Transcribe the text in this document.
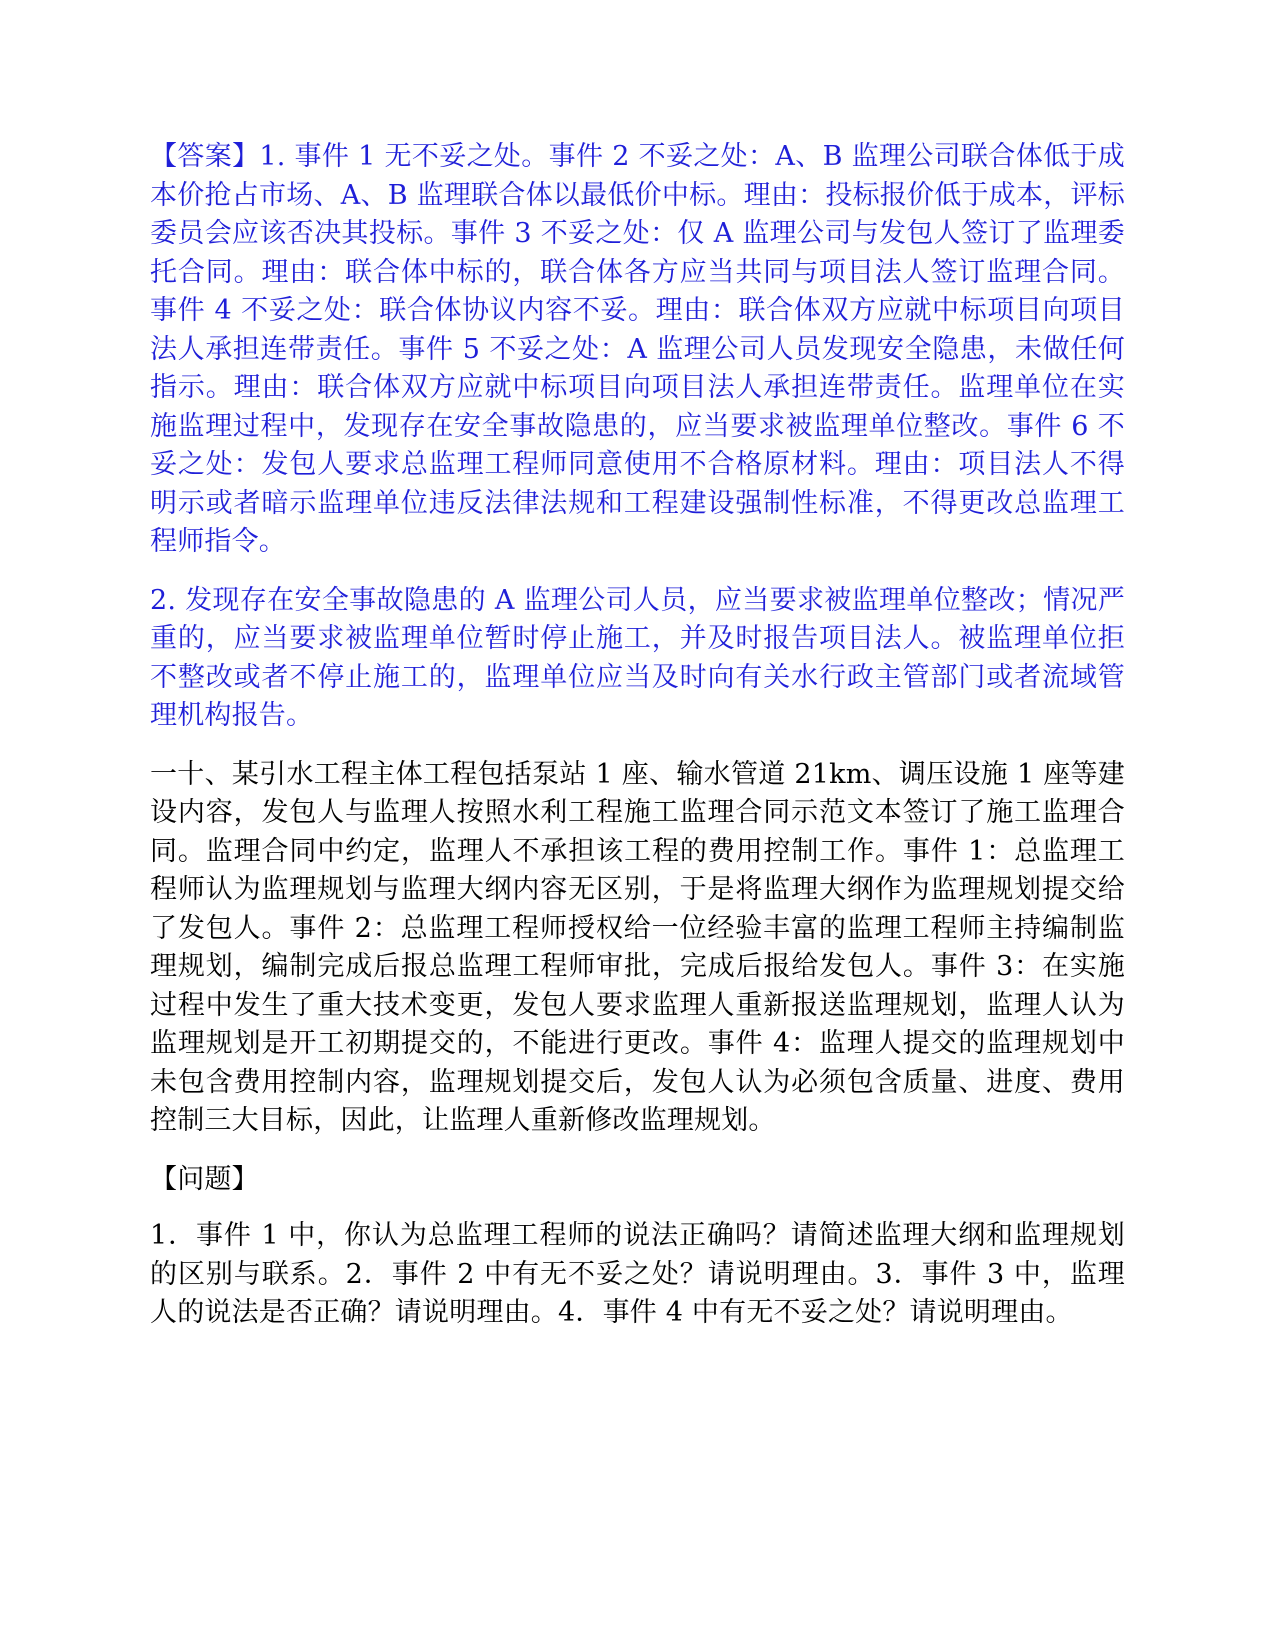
【答案】1. 事件 1 无不妥之处。事件 2 不妥之处：A、B 监理公司联合体低于成本价抢占市场、A、B 监理联合体以最低价中标。理由：投标报价低于成本，评标委员会应该否决其投标。事件 3 不妥之处：仅 A 监理公司与发包人签订了监理委托合同。理由：联合体中标的，联合体各方应当共同与项目法人签订监理合同。事件 4 不妥之处：联合体协议内容不妥。理由：联合体双方应就中标项目向项目法人承担连带责任。事件 5 不妥之处：A 监理公司人员发现安全隐患，未做任何指示。理由：联合体双方应就中标项目向项目法人承担连带责任。监理单位在实施监理过程中，发现存在安全事故隐患的，应当要求被监理单位整改。事件 6 不妥之处：发包人要求总监理工程师同意使用不合格原材料。理由：项目法人不得明示或者暗示监理单位违反法律法规和工程建设强制性标准，不得更改总监理工程师指令。

2. 发现存在安全事故隐患的 A 监理公司人员，应当要求被监理单位整改；情况严重的，应当要求被监理单位暂时停止施工，并及时报告项目法人。被监理单位拒不整改或者不停止施工的，监理单位应当及时向有关水行政主管部门或者流域管理机构报告。

一十、某引水工程主体工程包括泵站 1 座、输水管道 21km、调压设施 1 座等建设内容，发包人与监理人按照水利工程施工监理合同示范文本签订了施工监理合同。监理合同中约定，监理人不承担该工程的费用控制工作。事件 1：总监理工程师认为监理规划与监理大纲内容无区别，于是将监理大纲作为监理规划提交给了发包人。事件 2：总监理工程师授权给一位经验丰富的监理工程师主持编制监理规划，编制完成后报总监理工程师审批，完成后报给发包人。事件 3：在实施过程中发生了重大技术变更，发包人要求监理人重新报送监理规划，监理人认为监理规划是开工初期提交的，不能进行更改。事件 4：监理人提交的监理规划中未包含费用控制内容，监理规划提交后，发包人认为必须包含质量、进度、费用控制三大目标，因此，让监理人重新修改监理规划。

【问题】

1．事件 1 中，你认为总监理工程师的说法正确吗？请简述监理大纲和监理规划的区别与联系。2．事件 2 中有无不妥之处？请说明理由。3．事件 3 中，监理人的说法是否正确？请说明理由。4．事件 4 中有无不妥之处？请说明理由。
